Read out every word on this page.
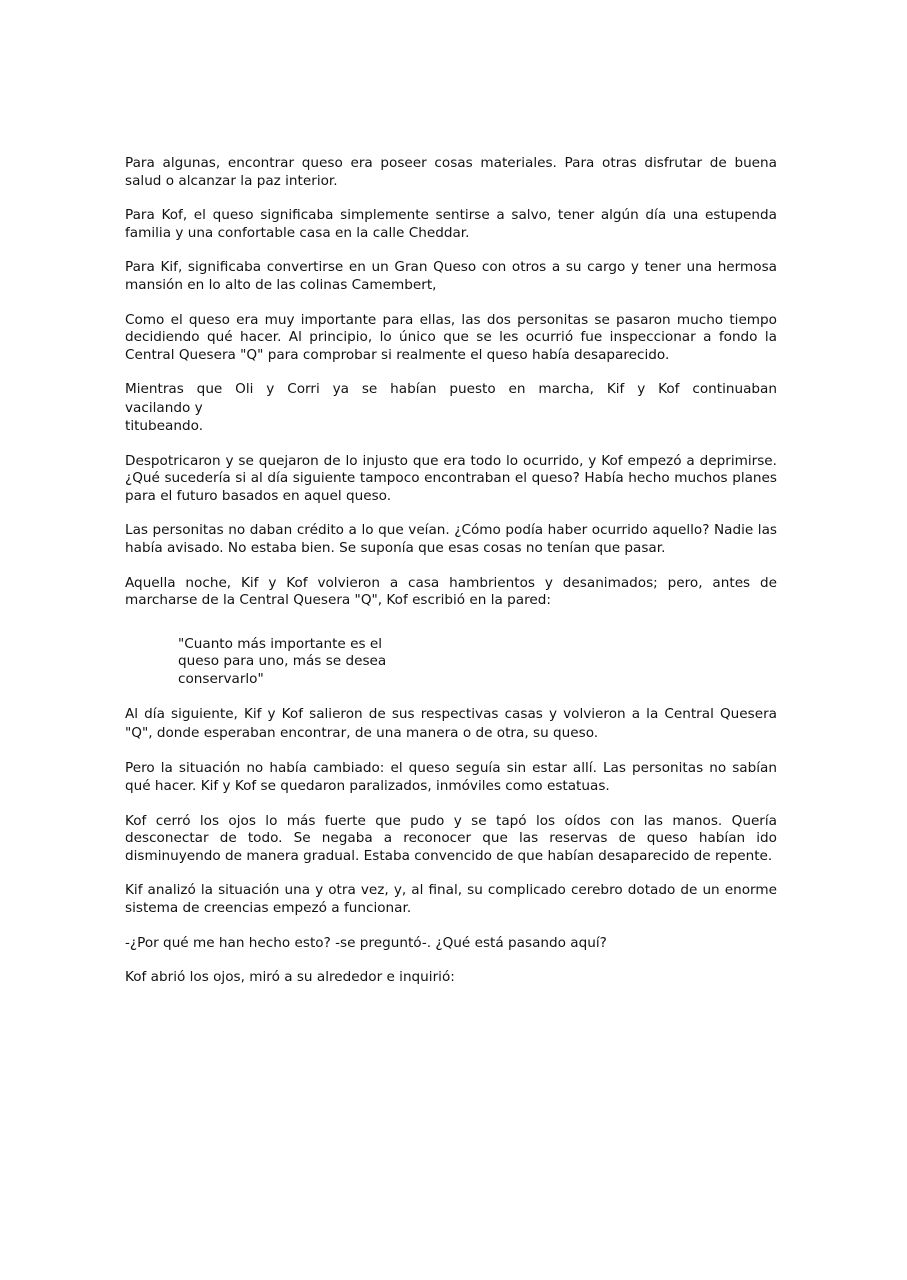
Para algunas, encontrar queso era poseer cosas materiales. Para otras disfrutar de buena salud o alcanzar la paz interior.

Para Kof, el queso significaba simplemente sentirse a salvo, tener algún día una estupenda familia y una confortable casa en la calle Cheddar.

Para Kif, significaba convertirse en un Gran Queso con otros a su cargo y tener una hermosa mansión en lo alto de las colinas Camembert,

Como el queso era muy importante para ellas, las dos personitas se pasaron mucho tiempo decidiendo qué hacer. Al principio, lo único que se les ocurrió fue inspeccionar a fondo la Central Quesera "Q" para comprobar si realmente el queso había desaparecido.

Mientras que Oli y Corri ya se habían puesto en marcha, Kif y Kof continuaban
vacilando y
titubeando.

Despotricaron y se quejaron de lo injusto que era todo lo ocurrido, y Kof empezó a deprimirse. ¿Qué sucedería si al día siguiente tampoco encontraban el queso? Había hecho muchos planes para el futuro basados en aquel queso.

Las personitas no daban crédito a lo que veían. ¿Cómo podía haber ocurrido aquello? Nadie las había avisado. No estaba bien. Se suponía que esas cosas no tenían que pasar.

Aquella noche, Kif y Kof volvieron a casa hambrientos y desanimados; pero, antes de marcharse de la Central Quesera "Q", Kof escribió en la pared:

"Cuanto más importante es el
queso para uno, más se desea
conservarlo"

Al día siguiente, Kif y Kof salieron de sus respectivas casas y volvieron a la Central Quesera "Q", donde esperaban encontrar, de una manera o de otra, su queso.

Pero la situación no había cambiado: el queso seguía sin estar allí. Las personitas no sabían qué hacer. Kif y Kof se quedaron paralizados, inmóviles como estatuas.

Kof cerró los ojos lo más fuerte que pudo y se tapó los oídos con las manos. Quería desconectar de todo. Se negaba a reconocer que las reservas de queso habían ido disminuyendo de manera gradual. Estaba convencido de que habían desaparecido de repente.

Kif analizó la situación una y otra vez, y, al final, su complicado cerebro dotado de un enorme sistema de creencias empezó a funcionar.

-¿Por qué me han hecho esto? -se preguntó-. ¿Qué está pasando aquí?

Kof abrió los ojos, miró a su alrededor e inquirió:
